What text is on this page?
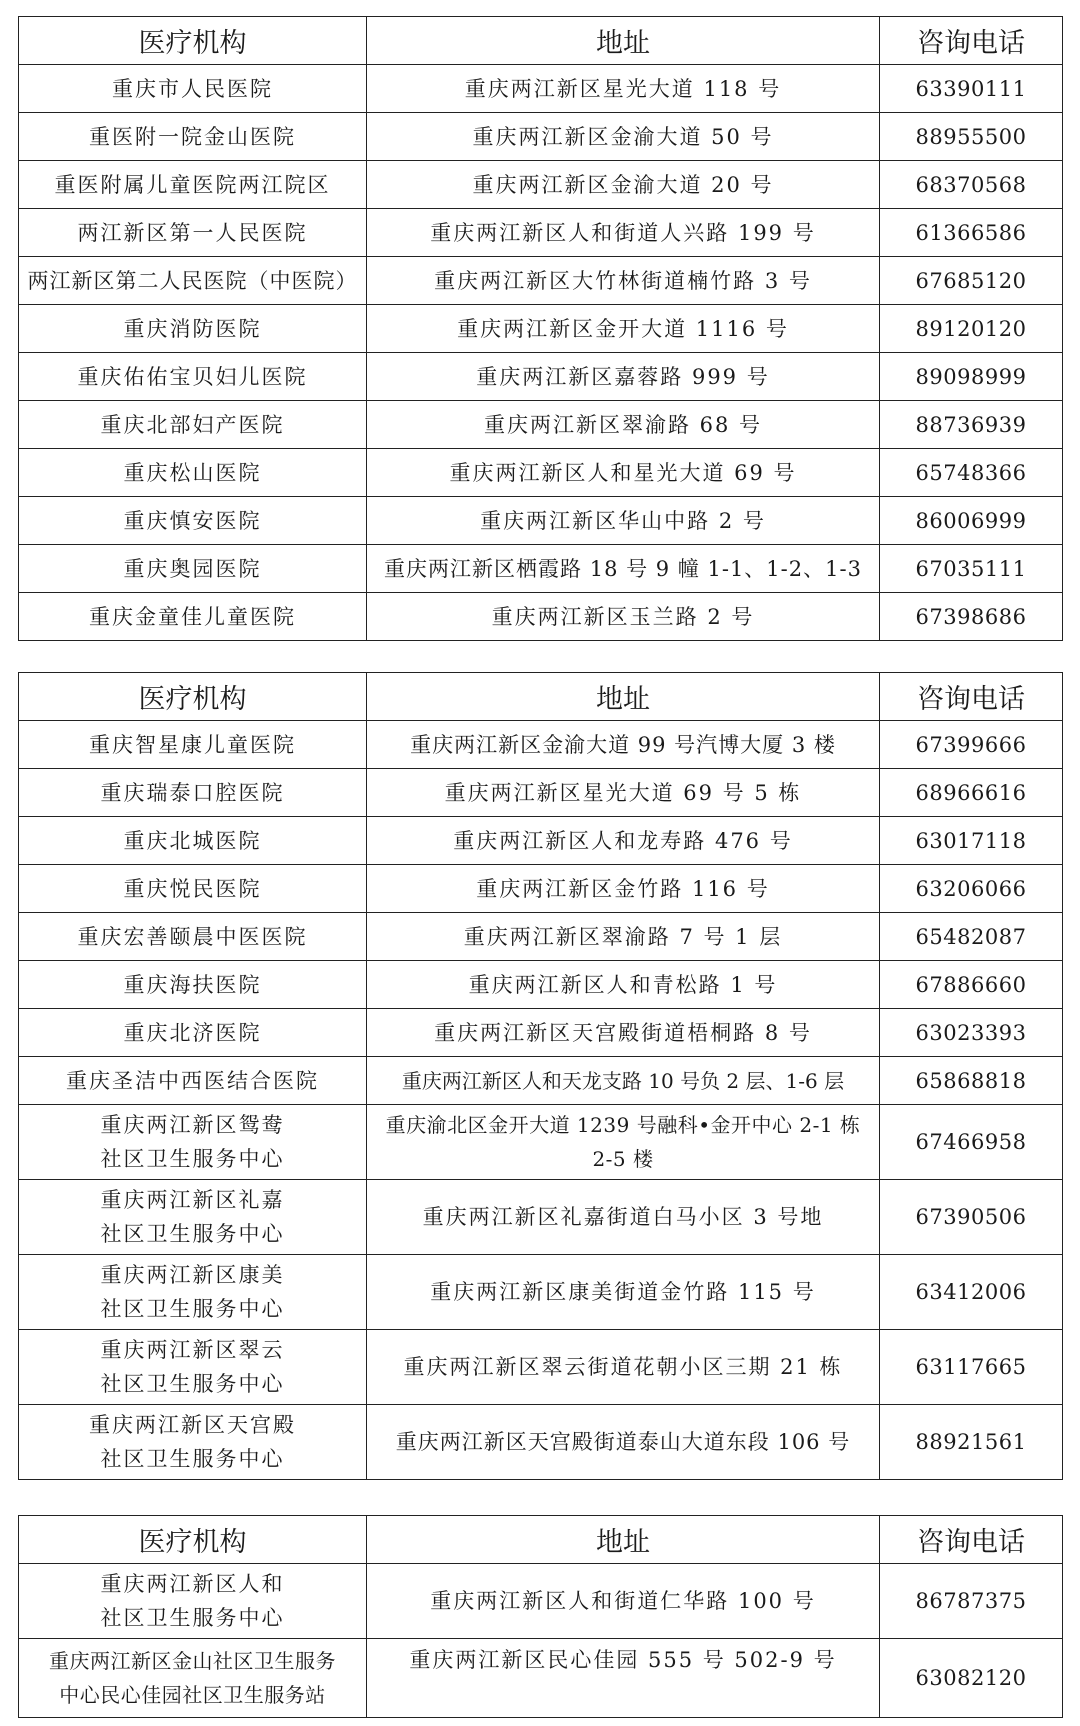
医疗机构	地址	咨询电话
重庆市人民医院	重庆两江新区星光大道 118 号	63390111
重医附一院金山医院	重庆两江新区金渝大道 50 号	88955500
重医附属儿童医院两江院区	重庆两江新区金渝大道 20 号	68370568
两江新区第一人民医院	重庆两江新区人和街道人兴路 199 号	61366586
两江新区第二人民医院（中医院）	重庆两江新区大竹林街道楠竹路 3 号	67685120
重庆消防医院	重庆两江新区金开大道 1116 号	89120120
重庆佑佑宝贝妇儿医院	重庆两江新区嘉蓉路 999 号	89098999
重庆北部妇产医院	重庆两江新区翠渝路 68 号	88736939
重庆松山医院	重庆两江新区人和星光大道 69 号	65748366
重庆慎安医院	重庆两江新区华山中路 2 号	86006999
重庆奥园医院	重庆两江新区栖霞路 18 号 9 幢 1-1、1-2、1-3	67035111
重庆金童佳儿童医院	重庆两江新区玉兰路 2 号	67398686
医疗机构	地址	咨询电话
重庆智星康儿童医院	重庆两江新区金渝大道 99 号汽博大厦 3 楼	67399666
重庆瑞泰口腔医院	重庆两江新区星光大道 69 号 5 栋	68966616
重庆北城医院	重庆两江新区人和龙寿路 476 号	63017118
重庆悦民医院	重庆两江新区金竹路 116 号	63206066
重庆宏善颐晨中医医院	重庆两江新区翠渝路 7 号 1 层	65482087
重庆海扶医院	重庆两江新区人和青松路 1 号	67886660
重庆北济医院	重庆两江新区天宫殿街道梧桐路 8 号	63023393
重庆圣洁中西医结合医院	重庆两江新区人和天龙支路 10 号负 2 层、1-6 层	65868818

重庆两江新区鸳鸯
社区卫生服务中心	重庆渝北区金开大道 1239 号融科•金开中心 2-1 栋
2-5 楼	67466958

重庆两江新区礼嘉
社区卫生服务中心	重庆两江新区礼嘉街道白马小区 3 号地	67390506

重庆两江新区康美
社区卫生服务中心	重庆两江新区康美街道金竹路 115 号	63412006

重庆两江新区翠云
社区卫生服务中心	重庆两江新区翠云街道花朝小区三期 21 栋	63117665

重庆两江新区天宫殿
社区卫生服务中心	重庆两江新区天宫殿街道泰山大道东段 106 号	88921561
医疗机构	地址	咨询电话

重庆两江新区人和
社区卫生服务中心	重庆两江新区人和街道仁华路 100 号	86787375

重庆两江新区金山社区卫生服务
中心民心佳园社区卫生服务站	重庆两江新区民心佳园 555 号 502-9 号	63082120
